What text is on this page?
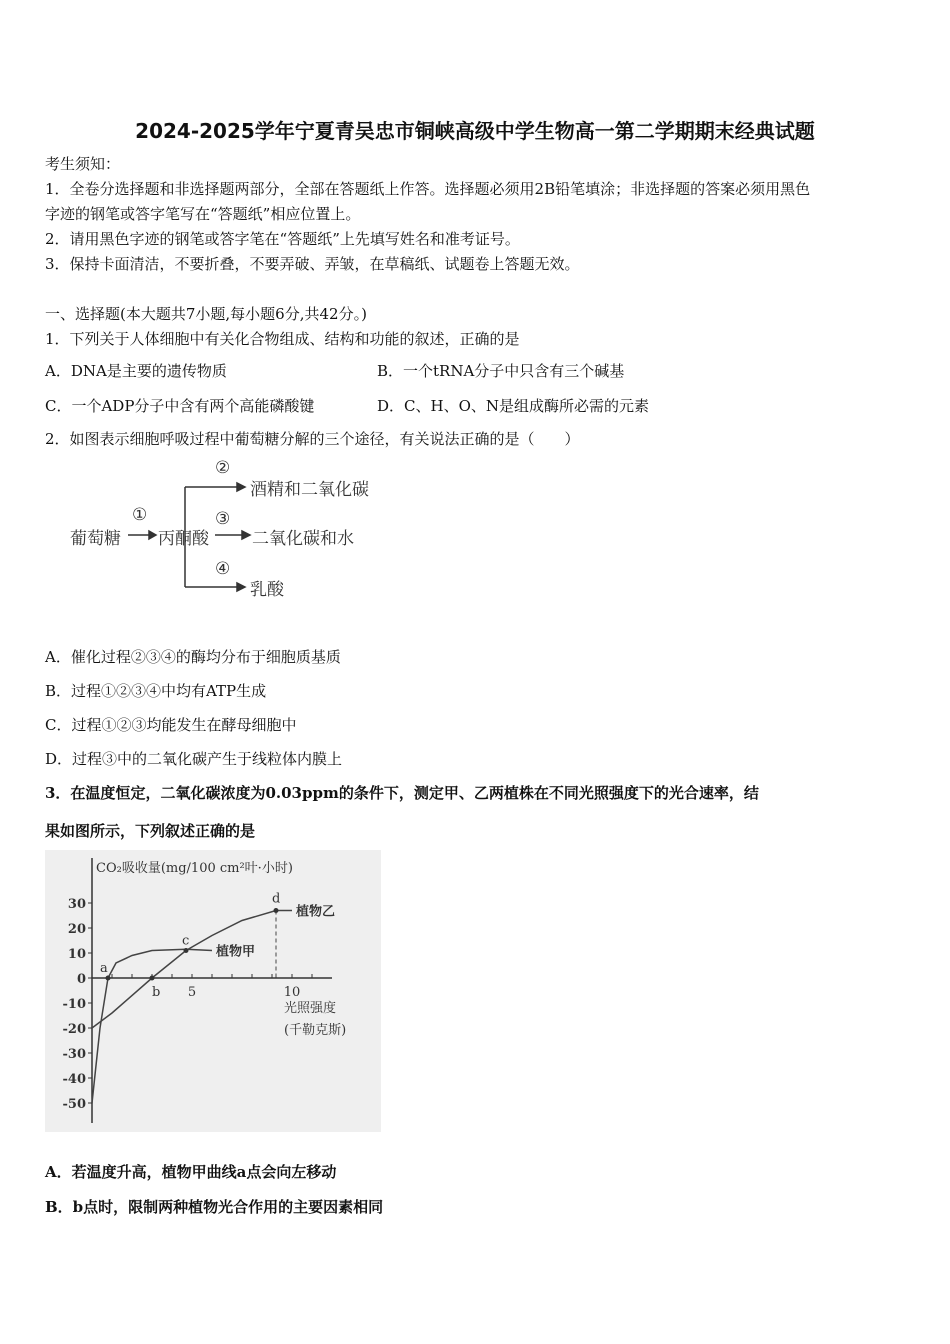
2024-2025学年宁夏青吴忠市铜峡高级中学生物高一第二学期期末经典试题
考生须知：
1．全卷分选择题和非选择题两部分，全部在答题纸上作答。选择题必须用2B铅笔填涂；非选择题的答案必须用黑色
字迹的钢笔或答字笔写在“答题纸”相应位置上。
2．请用黑色字迹的钢笔或答字笔在“答题纸”上先填写姓名和准考证号。
3．保持卡面清洁，不要折叠，不要弄破、弄皱，在草稿纸、试题卷上答题无效。
一、选择题(本大题共7小题,每小题6分,共42分。)
1．下列关于人体细胞中有关化合物组成、结构和功能的叙述，正确的是
A．DNA是主要的遗传物质	B．一个tRNA分子中只含有三个碱基
C．一个ADP分子中含有两个高能磷酸键	D．C、H、O、N是组成酶所必需的元素
2．如图表示细胞呼吸过程中葡萄糖分解的三个途径，有关说法正确的是（　　）
葡萄糖
①
丙酮酸
②
酒精和二氧化碳
③
二氧化碳和水
④
乳酸
A．催化过程②③④的酶均分布于细胞质基质
B．过程①②③④中均有ATP生成
C．过程①②③均能发生在酵母细胞中
D．过程③中的二氧化碳产生于线粒体内膜上
3．在温度恒定，二氧化碳浓度为0.03ppm的条件下，测定甲、乙两植株在不同光照强度下的光合速率，结
果如图所示，下列叙述正确的是
CO₂吸收量(mg/100 cm²叶·小时)
30
20
10
0
-10
-20
-30
-40
-50
5	10
光照强度
(千勒克斯)
植物甲
植物乙
a
b
c
d
A．若温度升高，植物甲曲线a点会向左移动
B．b点时，限制两种植物光合作用的主要因素相同
